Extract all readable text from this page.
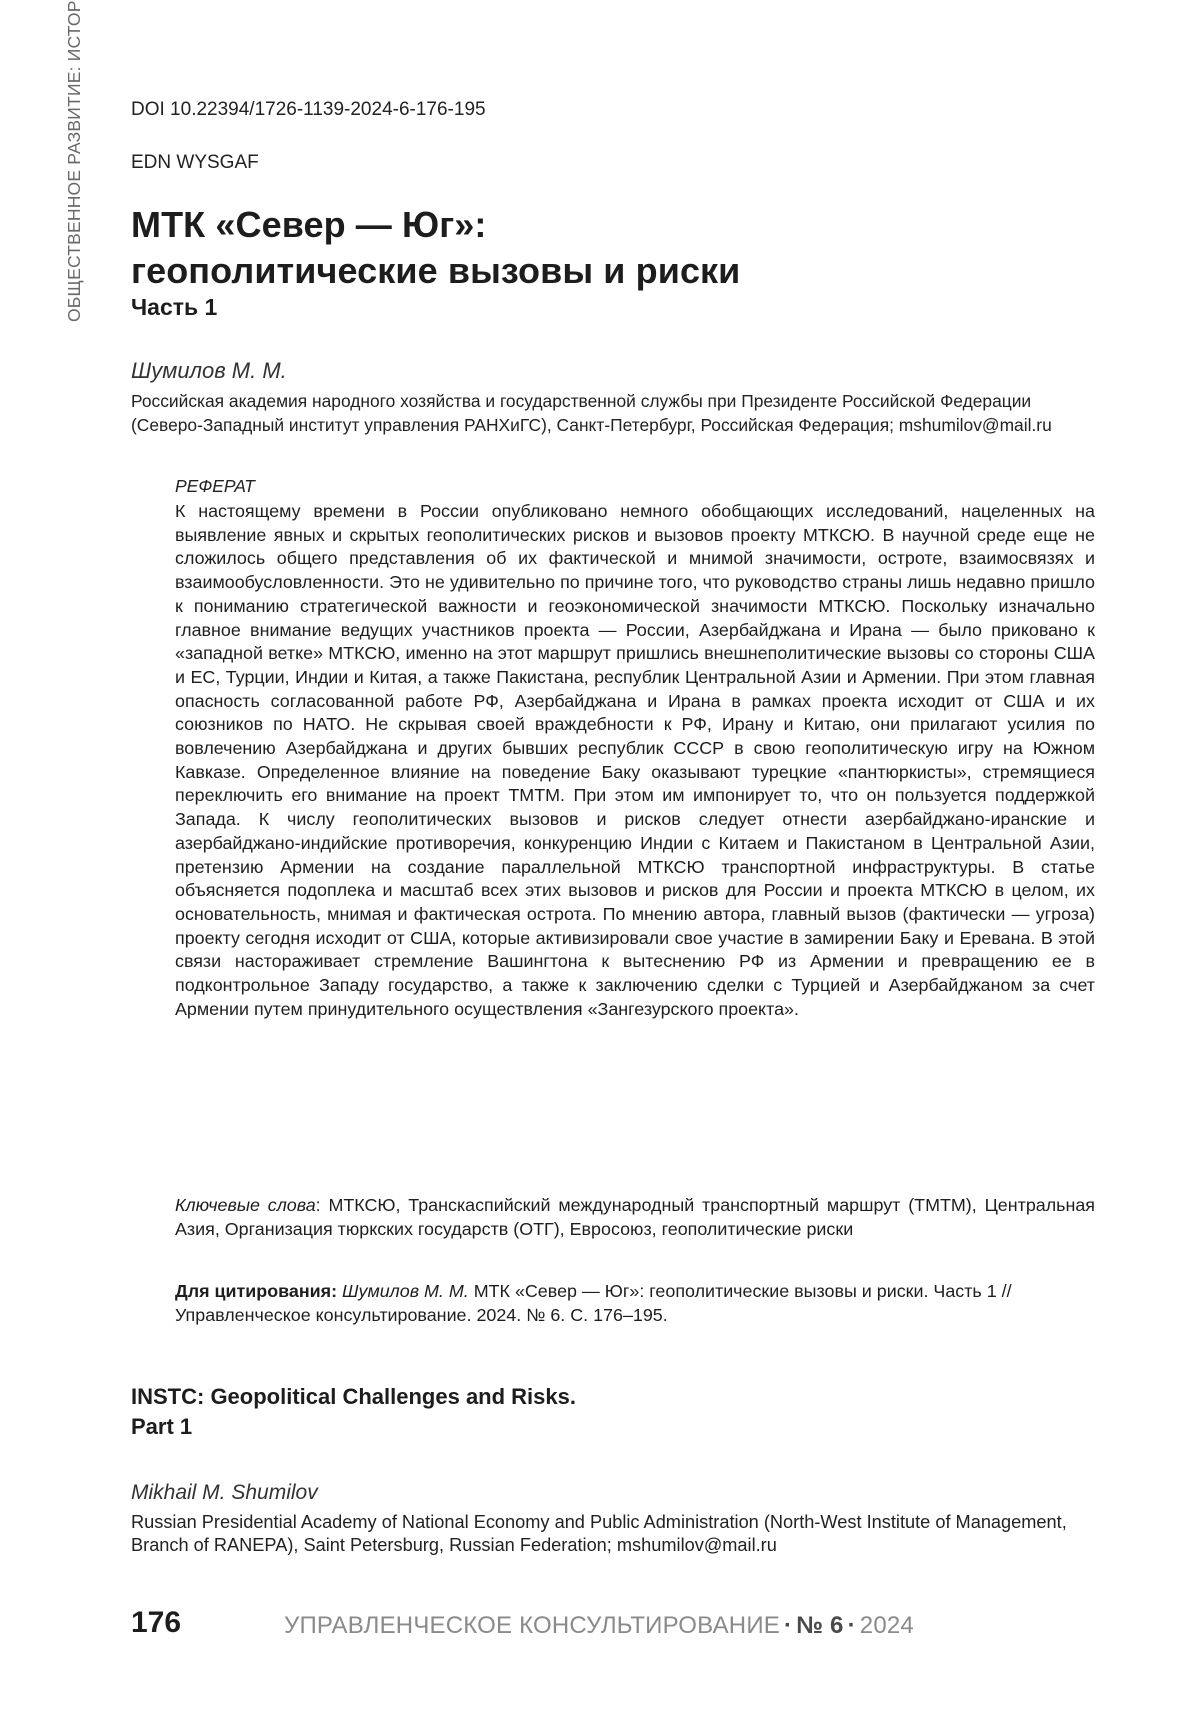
DOI 10.22394/1726-1139-2024-6-176-195
EDN WYSGAF
МТК «Север — Юг»:
геополитические вызовы и риски
Часть 1
Шумилов М. М.
Российская академия народного хозяйства и государственной службы при Президенте Российской Федерации (Северо-Западный институт управления РАНХиГС), Санкт-Петербург, Российская Федерация; mshumilov@mail.ru
РЕФЕРАТ

К настоящему времени в России опубликовано немного обобщающих исследований, нацеленных на выявление явных и скрытых геополитических рисков и вызовов проекту МТКСЮ. В научной среде еще не сложилось общего представления об их фактической и мнимой значимости, остроте, взаимосвязях и взаимообусловленности. Это не удивительно по причине того, что руководство страны лишь недавно пришло к пониманию стратегической важности и геоэкономической значимости МТКСЮ. Поскольку изначально главное внимание ведущих участников проекта — России, Азербайджана и Ирана — было приковано к «западной ветке» МТКСЮ, именно на этот маршрут пришлись внешнеполитические вызовы со стороны США и ЕС, Турции, Индии и Китая, а также Пакистана, республик Центральной Азии и Армении. При этом главная опасность согласованной работе РФ, Азербайджана и Ирана в рамках проекта исходит от США и их союзников по НАТО. Не скрывая своей враждебности к РФ, Ирану и Китаю, они прилагают усилия по вовлечению Азербайджана и других бывших республик СССР в свою геополитическую игру на Южном Кавказе. Определенное влияние на поведение Баку оказывают турецкие «пантюркисты», стремящиеся переключить его внимание на проект ТМТМ. При этом им импонирует то, что он пользуется поддержкой Запада. К числу геополитических вызовов и рисков следует отнести азербайджано-иранские и азербайджано-индийские противоречия, конкуренцию Индии с Китаем и Пакистаном в Центральной Азии, претензию Армении на создание параллельной МТКСЮ транспортной инфраструктуры. В статье объясняется подоплека и масштаб всех этих вызовов и рисков для России и проекта МТКСЮ в целом, их основательность, мнимая и фактическая острота. По мнению автора, главный вызов (фактически — угроза) проекту сегодня исходит от США, которые активизировали свое участие в замирении Баку и Еревана. В этой связи настораживает стремление Вашингтона к вытеснению РФ из Армении и превращению ее в подконтрольное Западу государство, а также к заключению сделки с Турцией и Азербайджаном за счет Армении путем принудительного осуществления «Зангезурского проекта».

Ключевые слова: МТКСЮ, Транскаспийский международный транспортный маршрут (ТМТМ), Центральная Азия, Организация тюркских государств (ОТГ), Евросоюз, геополитические риски

Для цитирования: Шумилов М. М. МТК «Север — Юг»: геополитические вызовы и риски. Часть 1 // Управленческое консультирование. 2024. № 6. С. 176–195.

INSTC: Geopolitical Challenges and Risks.
Part 1
Mikhail M. Shumilov
Russian Presidential Academy of National Economy and Public Administration (North-West Institute of Management, Branch of RANEPA), Saint Petersburg, Russian Federation; mshumilov@mail.ru
176	УПРАВЛЕНЧЕСКОЕ КОНСУЛЬТИРОВАНИЕ · № 6 · 2024
